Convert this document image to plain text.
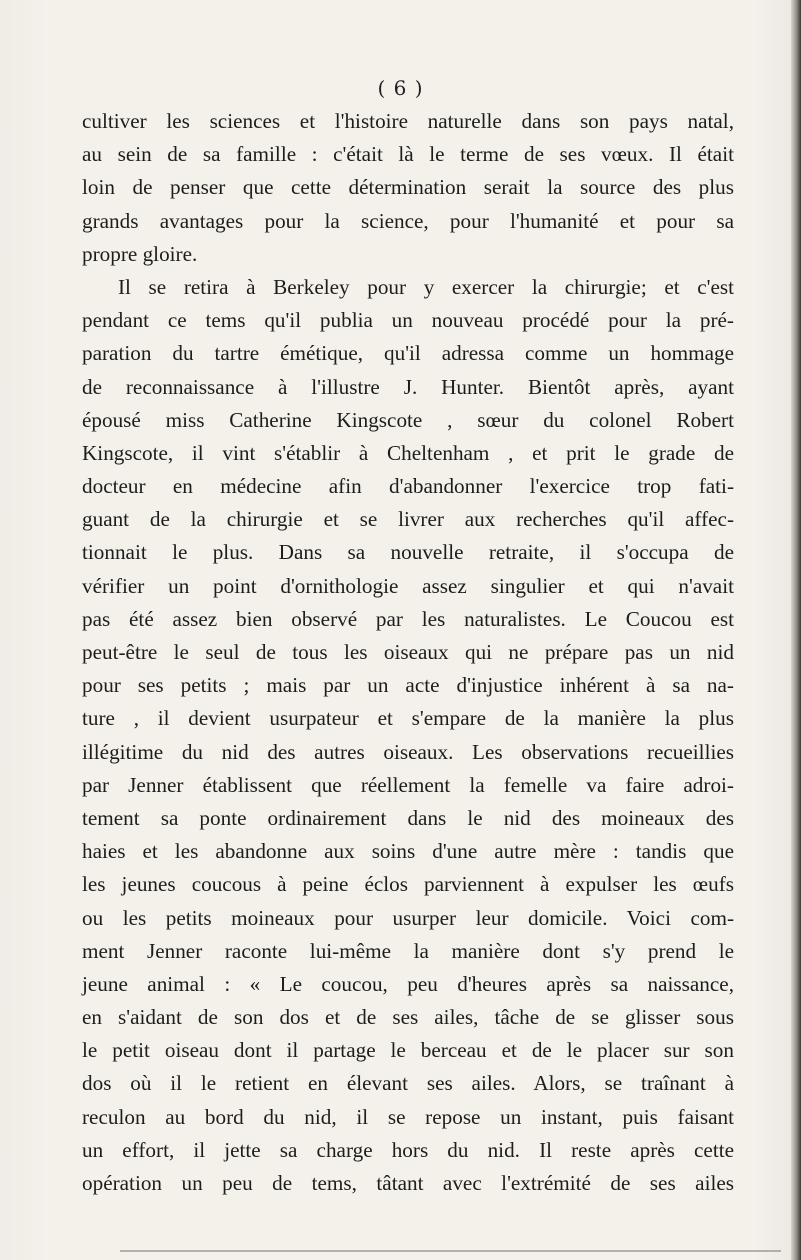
( 6 )
cultiver les sciences et l'histoire naturelle dans son pays natal,
au sein de sa famille : c'était là le terme de ses vœux. Il était
loin de penser que cette détermination serait la source des plus
grands avantages pour la science, pour l'humanité et pour sa
propre gloire.
Il se retira à Berkeley pour y exercer la chirurgie; et c'est
pendant ce tems qu'il publia un nouveau procédé pour la pré-
paration du tartre émétique, qu'il adressa comme un hommage
de reconnaissance à l'illustre J. Hunter. Bientôt après, ayant
épousé miss Catherine Kingscote , sœur du colonel Robert
Kingscote, il vint s'établir à Cheltenham , et prit le grade de
docteur en médecine afin d'abandonner l'exercice trop fati-
guant de la chirurgie et se livrer aux recherches qu'il affec-
tionnait le plus. Dans sa nouvelle retraite, il s'occupa de
vérifier un point d'ornithologie assez singulier et qui n'avait
pas été assez bien observé par les naturalistes. Le Coucou est
peut-être le seul de tous les oiseaux qui ne prépare pas un nid
pour ses petits ; mais par un acte d'injustice inhérent à sa na-
ture , il devient usurpateur et s'empare de la manière la plus
illégitime du nid des autres oiseaux. Les observations recueillies
par Jenner établissent que réellement la femelle va faire adroi-
tement sa ponte ordinairement dans le nid des moineaux des
haies et les abandonne aux soins d'une autre mère : tandis que
les jeunes coucous à peine éclos parviennent à expulser les œufs
ou les petits moineaux pour usurper leur domicile. Voici com-
ment Jenner raconte lui-même la manière dont s'y prend le
jeune animal : « Le coucou, peu d'heures après sa naissance,
en s'aidant de son dos et de ses ailes, tâche de se glisser sous
le petit oiseau dont il partage le berceau et de le placer sur son
dos où il le retient en élevant ses ailes. Alors, se traînant à
reculon au bord du nid, il se repose un instant, puis faisant
un effort, il jette sa charge hors du nid. Il reste après cette
opération un peu de tems, tâtant avec l'extrémité de ses ailes
